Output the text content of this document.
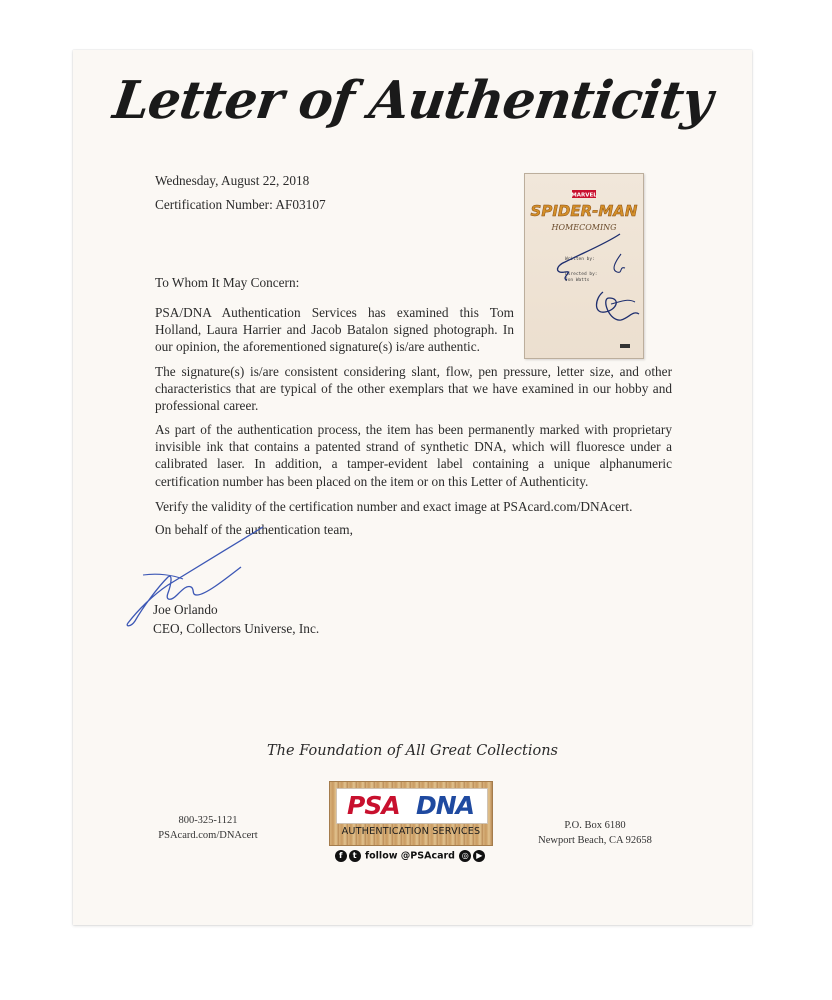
Letter of Authenticity
Wednesday, August 22, 2018
Certification Number: AF03107
To Whom It May Concern:
PSA/DNA Authentication Services has examined this Tom Holland, Laura Harrier and Jacob Batalon signed photograph. In our opinion, the aforementioned signature(s) is/are authentic.
The signature(s) is/are consistent considering slant, flow, pen pressure, letter size, and other characteristics that are typical of the other exemplars that we have examined in our hobby and professional career.
As part of the authentication process, the item has been permanently marked with proprietary invisible ink that contains a patented strand of synthetic DNA, which will fluoresce under a calibrated laser. In addition, a tamper-evident label containing a unique alphanumeric certification number has been placed on the item or on this Letter of Authenticity.
Verify the validity of the certification number and exact image at PSAcard.com/DNAcert.
On behalf of the authentication team,
Joe Orlando
CEO, Collectors Universe, Inc.
MARVEL
SPIDER-MAN
HOMECOMING
Written by:
Directed by:
Jon Watts
The Foundation of All Great Collections
800-325-1121
PSAcard.com/DNAcert
PSA DNA
AUTHENTICATION SERVICES
f t follow @PSAcard ◎ ▶
P.O. Box 6180
Newport Beach, CA 92658
